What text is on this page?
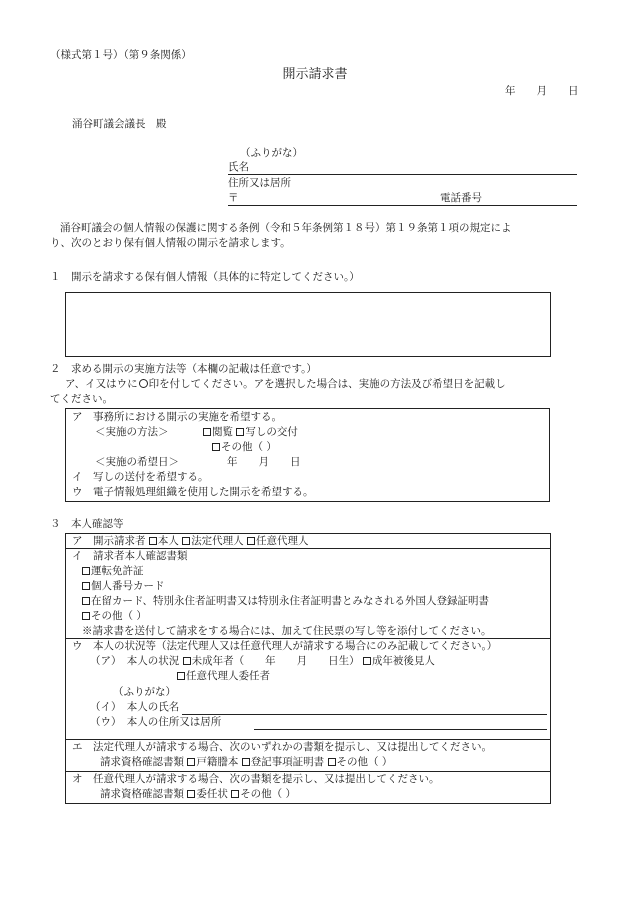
（様式第１号）（第９条関係）
開示請求書
年　　月　　日
涌谷町議会議長　殿
（ふりがな）
氏名
住所又は居所
〒	電話番号
涌谷町議会の個人情報の保護に関する条例（令和５年条例第１８号）第１９条第１項の規定によ
り、次のとおり保有個人情報の開示を請求します。
１　開示を請求する保有個人情報（具体的に特定してください。）
２　求める開示の実施方法等（本欄の記載は任意です。）
ア、イ又はウに○印を付してください。アを選択した場合は、実施の方法及び希望日を記載し
てください。
ア　事務所における開示の実施を希望する。
＜実施の方法＞	閲覧 写しの交付
その他（ ）
＜実施の希望日＞	年　　月　　日
イ　写しの送付を希望する。
ウ　電子情報処理組織を使用した開示を希望する。
３　本人確認等
ア　開示請求者 本人 法定代理人 任意代理人
イ　請求者本人確認書類
運転免許証
個人番号カード
在留カード、特別永住者証明書又は特別永住者証明書とみなされる外国人登録証明書
その他（ ）
※請求書を送付して請求をする場合には、加えて住民票の写し等を添付してください。
ウ　本人の状況等（法定代理人又は任意代理人が請求する場合にのみ記載してください。）
（ア）　本人の状況 未成年者（　　年　　月　　日生） 成年被後見人
任意代理人委任者
（ふりがな）
（イ）　本人の氏名
（ウ）　本人の住所又は居所
エ　法定代理人が請求する場合、次のいずれかの書類を提示し、又は提出してください。
請求資格確認書類 戸籍謄本 登記事項証明書 その他（ ）
オ　任意代理人が請求する場合、次の書類を提示し、又は提出してください。
請求資格確認書類 委任状 その他（ ）
